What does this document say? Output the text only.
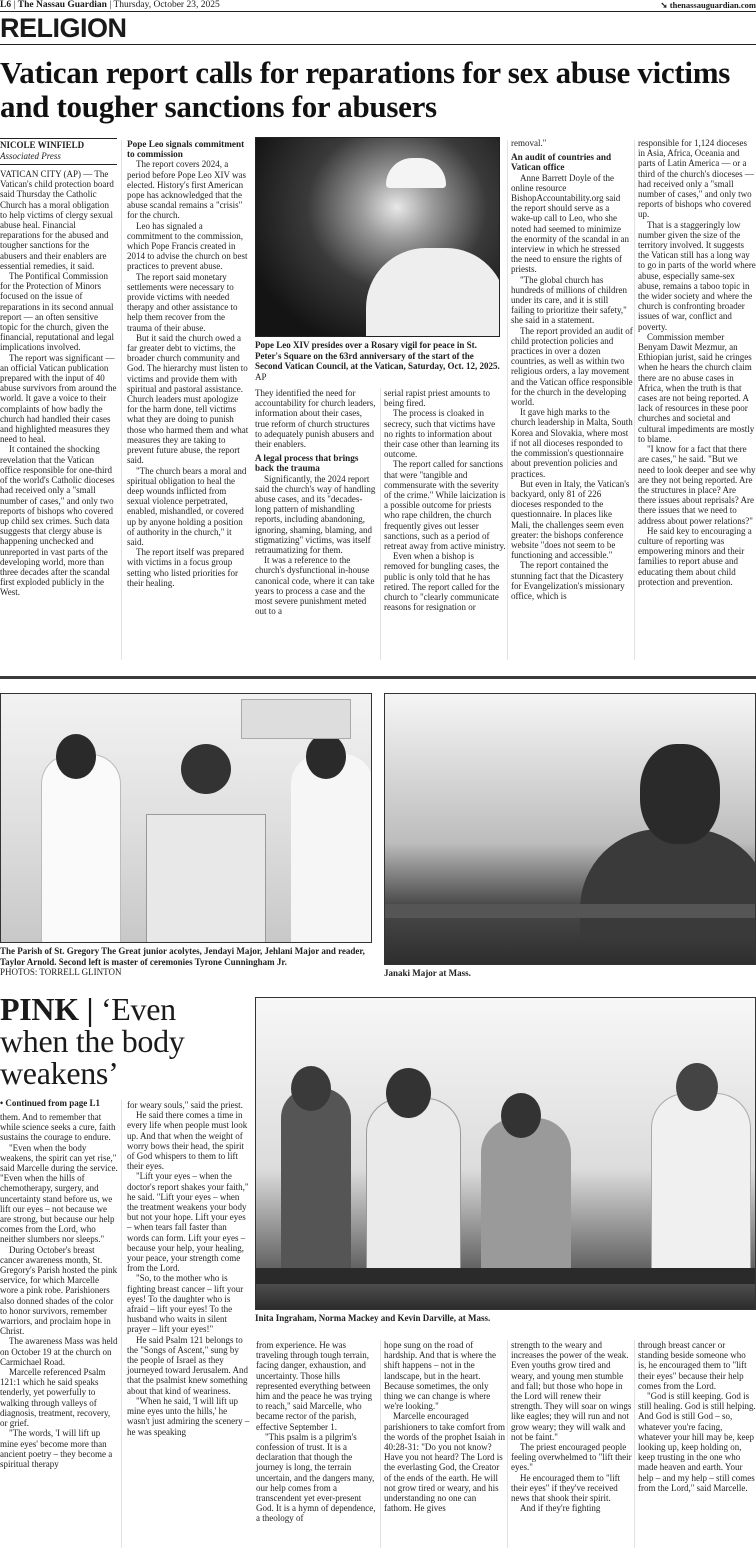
L6 | The Nassau Guardian | Thursday, October 23, 2025	➘ thenassauguardian.com
RELIGION
Vatican report calls for reparations for sex abuse victims and tougher sanctions for abusers
NICOLE WINFIELD
Associated Press

VATICAN CITY (AP) — The Vatican's child protection board said Thursday the Catholic Church has a moral obligation to help victims of clergy sexual abuse heal. Financial reparations for the abused and tougher sanctions for the abusers and their enablers are essential remedies, it said.

The Pontifical Commission for the Protection of Minors focused on the issue of reparations in its second annual report — an often sensitive topic for the church, given the financial, reputational and legal implications involved.

The report was significant — an official Vatican publication prepared with the input of 40 abuse survivors from around the world. It gave a voice to their complaints of how badly the church had handled their cases and highlighted measures they need to heal.

It contained the shocking revelation that the Vatican office responsible for one-third of the world's Catholic dioceses had received only a "small number of cases," and only two reports of bishops who covered up child sex crimes. Such data suggests that clergy abuse is happening unchecked and unreported in vast parts of the developing world, more than three decades after the scandal first exploded publicly in the West.

Pope Leo signals commitment to commission

The report covers 2024, a period before Pope Leo XIV was elected. History's first American pope has acknowledged that the abuse scandal remains a "crisis" for the church.

Leo has signaled a commitment to the commission, which Pope Francis created in 2014 to advise the church on best practices to prevent abuse.

The report said monetary settlements were necessary to provide victims with needed therapy and other assistance to help them recover from the trauma of their abuse.

But it said the church owed a far greater debt to victims, the broader church community and God. The hierarchy must listen to victims and provide them with spiritual and pastoral assistance. Church leaders must apologize for the harm done, tell victims what they are doing to punish those who harmed them and what measures they are taking to prevent future abuse, the report said.

"The church bears a moral and spiritual obligation to heal the deep wounds inflicted from sexual violence perpetrated, enabled, mishandled, or covered up by anyone holding a position of authority in the church," it said.

The report itself was prepared with victims in a focus group setting who listed priorities for their healing.

Pope Leo XIV presides over a Rosary vigil for peace in St. Peter's Square on the 63rd anniversary of the start of the Second Vatican Council, at the Vatican, Saturday, Oct. 12, 2025. AP

They identified the need for accountability for church leaders, information about their cases, true reform of church structures to adequately punish abusers and their enablers.

A legal process that brings back the trauma

Significantly, the 2024 report said the church's way of handling abuse cases, and its "decades-long pattern of mishandling reports, including abandoning, ignoring, shaming, blaming, and stigmatizing" victims, was itself retraumatizing for them.

It was a reference to the church's dysfunctional in-house canonical code, where it can take years to process a case and the most severe punishment meted out to a

serial rapist priest amounts to being fired.

The process is cloaked in secrecy, such that victims have no rights to information about their case other than learning its outcome.

The report called for sanctions that were "tangible and commensurate with the severity of the crime." While laicization is a possible outcome for priests who rape children, the church frequently gives out lesser sanctions, such as a period of retreat away from active ministry.

Even when a bishop is removed for bungling cases, the public is only told that he has retired. The report called for the church to "clearly communicate reasons for resignation or

removal."

An audit of countries and Vatican office

Anne Barrett Doyle of the online resource BishopAccountability.org said the report should serve as a wake-up call to Leo, who she noted had seemed to minimize the enormity of the scandal in an interview in which he stressed the need to ensure the rights of priests.

"The global church has hundreds of millions of children under its care, and it is still failing to prioritize their safety," she said in a statement.

The report provided an audit of child protection policies and practices in over a dozen countries, as well as within two religious orders, a lay movement and the Vatican office responsible for the church in the developing world.

It gave high marks to the church leadership in Malta, South Korea and Slovakia, where most if not all dioceses responded to the commission's questionnaire about prevention policies and practices.

But even in Italy, the Vatican's backyard, only 81 of 226 dioceses responded to the questionnaire. In places like Mali, the challenges seem even greater: the bishops conference website "does not seem to be functioning and accessible."

The report contained the stunning fact that the Dicastery for Evangelization's missionary office, which is

responsible for 1,124 dioceses in Asia, Africa, Oceania and parts of Latin America — or a third of the church's dioceses — had received only a "small number of cases," and only two reports of bishops who covered up.

That is a staggeringly low number given the size of the territory involved. It suggests the Vatican still has a long way to go in parts of the world where abuse, especially same-sex abuse, remains a taboo topic in the wider society and where the church is confronting broader issues of war, conflict and poverty.

Commission member Benyam Dawit Mezmur, an Ethiopian jurist, said he cringes when he hears the church claim there are no abuse cases in Africa, when the truth is that cases are not being reported. A lack of resources in these poor churches and societal and cultural impediments are mostly to blame.

"I know for a fact that there are cases," he said. "But we need to look deeper and see why are they not being reported. Are the structures in place? Are there issues about reprisals? Are there issues that we need to address about power relations?"

He said key to encouraging a culture of reporting was empowering minors and their families to report abuse and educating them about child protection and prevention.

The Parish of St. Gregory The Great junior acolytes, Jendayi Major, Jehlani Major and reader, Taylor Arnold. Second left is master of ceremonies Tyrone Cunningham Jr.
PHOTOS: TORRELL GLINTON	Janaki Major at Mass.
PINK | ‘Even when the body weakens’
Inita Ingraham, Norma Mackey and Kevin Darville, at Mass.
• Continued from page L1

them. And to remember that while science seeks a cure, faith sustains the courage to endure.

"Even when the body weakens, the spirit can yet rise," said Marcelle during the service. "Even when the hills of chemotherapy, surgery, and uncertainty stand before us, we lift our eyes – not because we are strong, but because our help comes from the Lord, who neither slumbers nor sleeps."

During October's breast cancer awareness month, St. Gregory's Parish hosted the pink service, for which Marcelle wore a pink robe. Parishioners also donned shades of the color to honor survivors, remember warriors, and proclaim hope in Christ.

The awareness Mass was held on October 19 at the church on Carmichael Road.

Marcelle referenced Psalm 121:1 which he said speaks tenderly, yet powerfully to walking through valleys of diagnosis, treatment, recovery, or grief.

"The words, 'I will lift up mine eyes' become more than ancient poetry – they become a spiritual therapy

for weary souls," said the priest.

He said there comes a time in every life when people must look up. And that when the weight of worry bows their head, the spirit of God whispers to them to lift their eyes.

"Lift your eyes – when the doctor's report shakes your faith," he said. "Lift your eyes – when the treatment weakens your body but not your hope. Lift your eyes – when tears fall faster than words can form. Lift your eyes – because your help, your healing, your peace, your strength come from the Lord.

"So, to the mother who is fighting breast cancer – lift your eyes! To the daughter who is afraid – lift your eyes! To the husband who waits in silent prayer – lift your eyes!"

He said Psalm 121 belongs to the "Songs of Ascent," sung by the people of Israel as they journeyed toward Jerusalem. And that the psalmist knew something about that kind of weariness.

"When he said, 'I will lift up mine eyes unto the hills,' he wasn't just admiring the scenery – he was speaking

from experience. He was traveling through tough terrain, facing danger, exhaustion, and uncertainty. Those hills represented everything between him and the peace he was trying to reach," said Marcelle, who became rector of the parish, effective September 1.

"This psalm is a pilgrim's confession of trust. It is a declaration that though the journey is long, the terrain uncertain, and the dangers many, our help comes from a transcendent yet ever-present God. It is a hymn of dependence, a theology of

hope sung on the road of hardship. And that is where the shift happens – not in the landscape, but in the heart. Because sometimes, the only thing we can change is where we're looking."

Marcelle encouraged parishioners to take comfort from the words of the prophet Isaiah in 40:28-31: "Do you not know? Have you not heard? The Lord is the everlasting God, the Creator of the ends of the earth. He will not grow tired or weary, and his understanding no one can fathom. He gives

strength to the weary and increases the power of the weak. Even youths grow tired and weary, and young men stumble and fall; but those who hope in the Lord will renew their strength. They will soar on wings like eagles; they will run and not grow weary; they will walk and not be faint."

The priest encouraged people feeling overwhelmed to "lift their eyes."

He encouraged them to "lift their eyes" if they've received news that shook their spirit.

And if they're fighting

through breast cancer or standing beside someone who is, he encouraged them to "lift their eyes" because their help comes from the Lord.

"God is still keeping. God is still healing. God is still helping. And God is still God – so, whatever you're facing, whatever your hill may be, keep looking up, keep holding on, keep trusting in the one who made heaven and earth. Your help – and my help – still comes from the Lord," said Marcelle.
